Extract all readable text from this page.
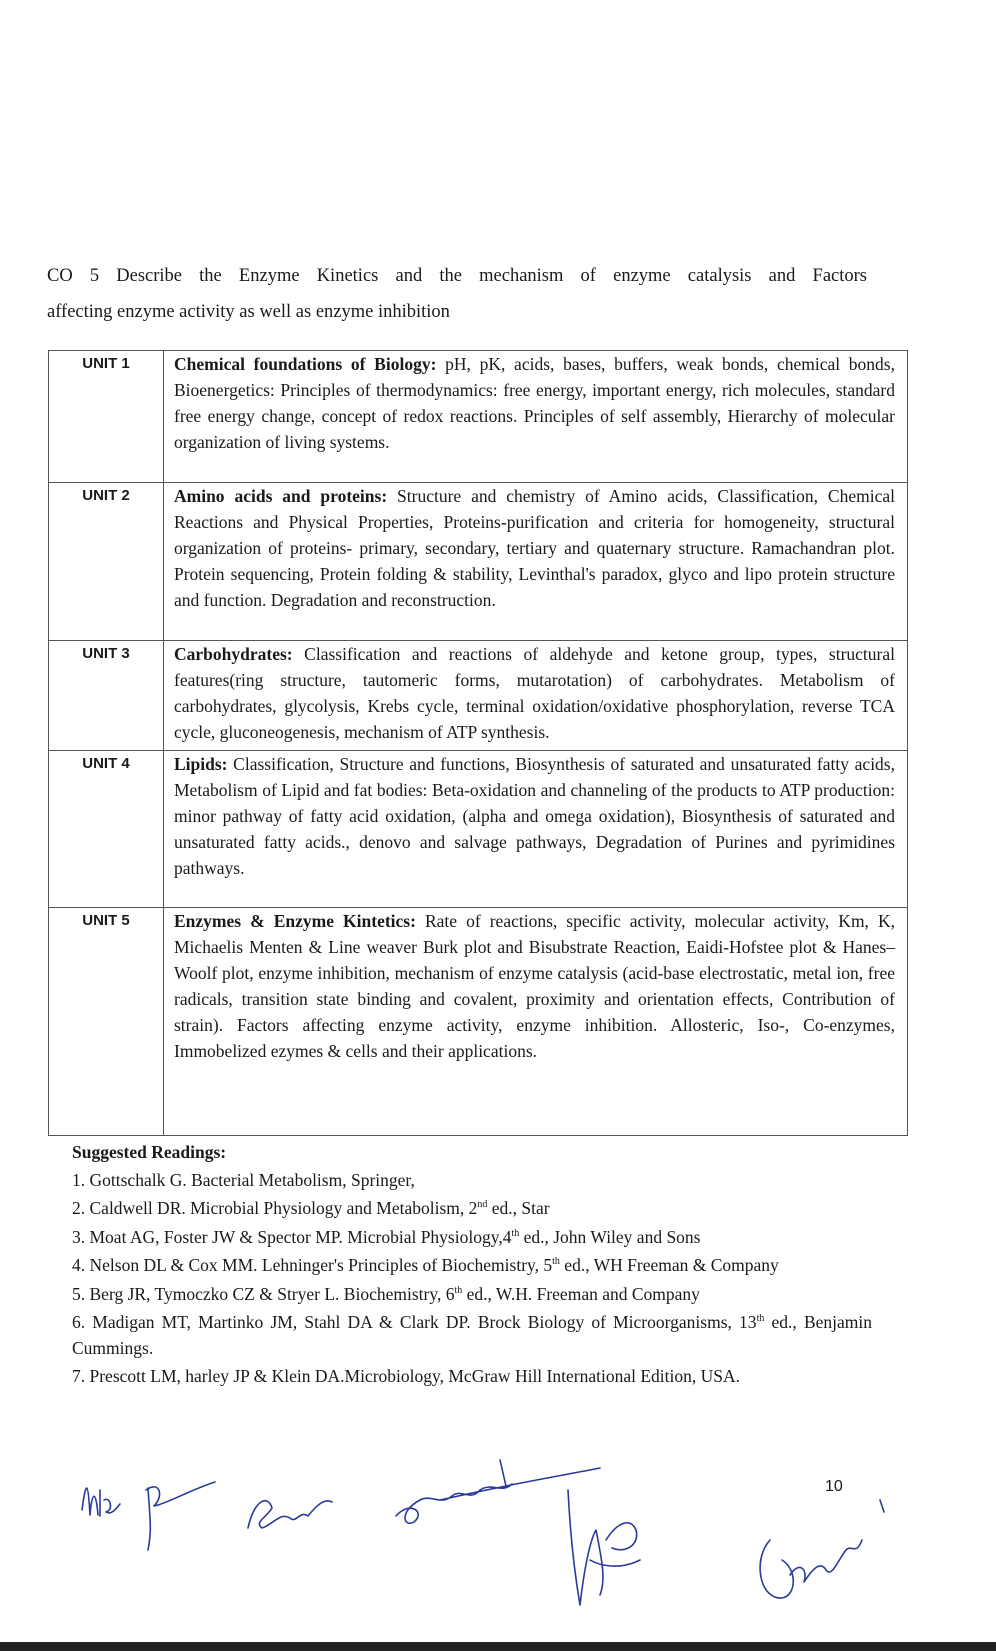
CO 5 Describe the Enzyme Kinetics and the mechanism of enzyme catalysis and Factors
affecting enzyme activity as well as enzyme inhibition
UNIT 1	Chemical foundations of Biology: pH, pK, acids, bases, buffers, weak bonds, chemical bonds, Bioenergetics: Principles of thermodynamics: free energy, important energy, rich molecules, standard free energy change, concept of redox reactions. Principles of self assembly, Hierarchy of molecular organization of living systems.
UNIT 2	Amino acids and proteins: Structure and chemistry of Amino acids, Classification, Chemical Reactions and Physical Properties, Proteins-purification and criteria for homogeneity, structural organization of proteins- primary, secondary, tertiary and quaternary structure. Ramachandran plot. Protein sequencing, Protein folding & stability, Levinthal's paradox, glyco and lipo protein structure and function. Degradation and reconstruction.
UNIT 3	Carbohydrates: Classification and reactions of aldehyde and ketone group, types, structural features(ring structure, tautomeric forms, mutarotation) of carbohydrates. Metabolism of carbohydrates, glycolysis, Krebs cycle, terminal oxidation/oxidative phosphorylation, reverse TCA cycle, gluconeogenesis, mechanism of ATP synthesis.
UNIT 4	Lipids: Classification, Structure and functions, Biosynthesis of saturated and unsaturated fatty acids, Metabolism of Lipid and fat bodies: Beta-oxidation and channeling of the products to ATP production: minor pathway of fatty acid oxidation, (alpha and omega oxidation), Biosynthesis of saturated and unsaturated fatty acids., denovo and salvage pathways, Degradation of Purines and pyrimidines pathways.
UNIT 5	Enzymes & Enzyme Kintetics: Rate of reactions, specific activity, molecular activity, Km, K, Michaelis Menten & Line weaver Burk plot and Bisubstrate Reaction, Eaidi-Hofstee plot & Hanes–Woolf plot, enzyme inhibition, mechanism of enzyme catalysis (acid-base electrostatic, metal ion, free radicals, transition state binding and covalent, proximity and orientation effects, Contribution of strain). Factors affecting enzyme activity, enzyme inhibition. Allosteric, Iso-, Co-enzymes, Immobelized ezymes & cells and their applications.
Suggested Readings:
1. Gottschalk G. Bacterial Metabolism, Springer,
2. Caldwell DR. Microbial Physiology and Metabolism, 2nd ed., Star
3. Moat AG, Foster JW & Spector MP. Microbial Physiology,4th ed., John Wiley and Sons
4. Nelson DL & Cox MM. Lehninger's Principles of Biochemistry, 5th ed., WH Freeman & Company
5. Berg JR, Tymoczko CZ & Stryer L. Biochemistry, 6th ed., W.H. Freeman and Company
6. Madigan MT, Martinko JM, Stahl DA & Clark DP. Brock Biology of Microorganisms, 13th ed., Benjamin Cummings.
7. Prescott LM, harley JP & Klein DA.Microbiology, McGraw Hill International Edition, USA.
10
